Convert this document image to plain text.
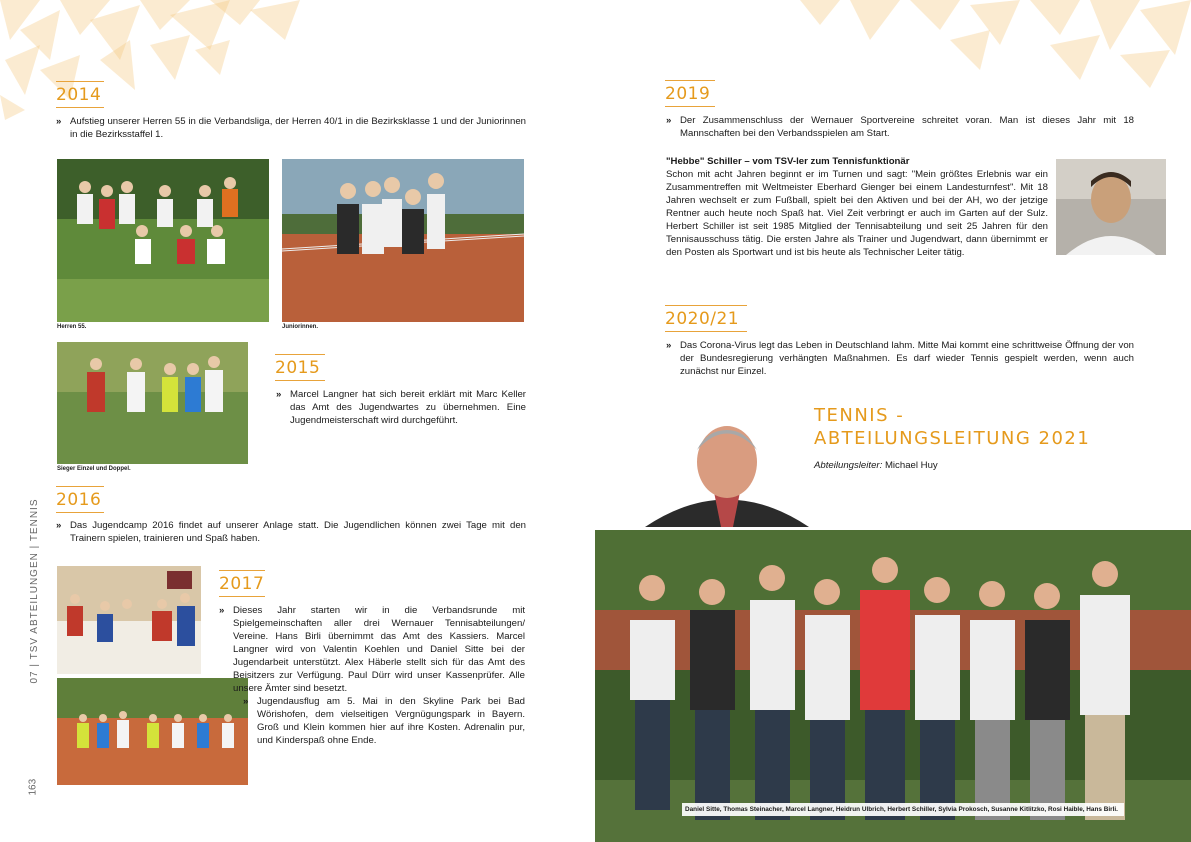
07 | TSV ABTEILUNGEN | TENNIS
163
2014
» Aufstieg unserer Herren 55 in die Verbandsliga, der Herren 40/1 in die Bezirksklasse 1 und der Juniorinnen in die Bezirksstaffel 1.
Herren 55.	Juniorinnen.
Sieger Einzel und Doppel.
2015
» Marcel Langner hat sich bereit erklärt mit Marc Keller das Amt des Jugendwartes zu übernehmen. Eine Jugendmeisterschaft wird durchgeführt.
2016
» Das Jugendcamp 2016 findet auf unserer Anlage statt. Die Jugendlichen können zwei Tage mit den Trainern spielen, trainieren und Spaß haben.
2017
» Dieses Jahr starten wir in die Verbandsrunde mit Spielgemeinschaften aller drei Wernauer Tennisabteilungen/ Vereine. Hans Birli übernimmt das Amt des Kassiers. Marcel Langner wird von Valentin Koehlen und Daniel Sitte bei der Jugendarbeit unterstützt. Alex Häberle stellt sich für das Amt des Beisitzers zur Verfügung. Paul Dürr wird unser Kassenprüfer. Alle unsere Ämter sind besetzt.
» Jugendausflug am 5. Mai in den Skyline Park bei Bad Wörishofen, dem vielseitigen Vergnügungspark in Bayern. Groß und Klein kommen hier auf ihre Kosten. Adrenalin pur, und Kinderspaß ohne Ende.
2019
» Der Zusammenschluss der Wernauer Sportvereine schreitet voran. Man ist dieses Jahr mit 18 Mannschaften bei den Verbandsspielen am Start.
"Hebbe" Schiller – vom TSV-ler zum Tennisfunktionär
Schon mit acht Jahren beginnt er im Turnen und sagt: "Mein größtes Erlebnis war ein Zusammentreffen mit Weltmeister Eberhard Gienger bei einem Landesturnfest". Mit 18 Jahren wechselt er zum Fußball, spielt bei den Aktiven und bei der AH, wo der jetzige Rentner auch heute noch Spaß hat. Viel Zeit verbringt er auch im Garten auf der Sulz. Herbert Schiller ist seit 1985 Mitglied der Tennisabteilung und seit 25 Jahren für den Tennisausschuss tätig. Die ersten Jahre als Trainer und Jugendwart, dann übernimmt er den Posten als Sportwart und ist bis heute als Technischer Leiter tätig.
2020/21
» Das Corona-Virus legt das Leben in Deutschland lahm. Mitte Mai kommt eine schrittweise Öffnung der von der Bundesregierung verhängten Maßnahmen. Es darf wieder Tennis gespielt werden, wenn auch zunächst nur Einzel.
TENNIS -
ABTEILUNGSLEITUNG 2021
Abteilungsleiter: Michael Huy
Daniel Sitte, Thomas Steinacher, Marcel Langner, Heidrun Ulbrich, Herbert Schiller, Sylvia Prokosch, Susanne Kitlitzko, Rosi Haible, Hans Birli.
